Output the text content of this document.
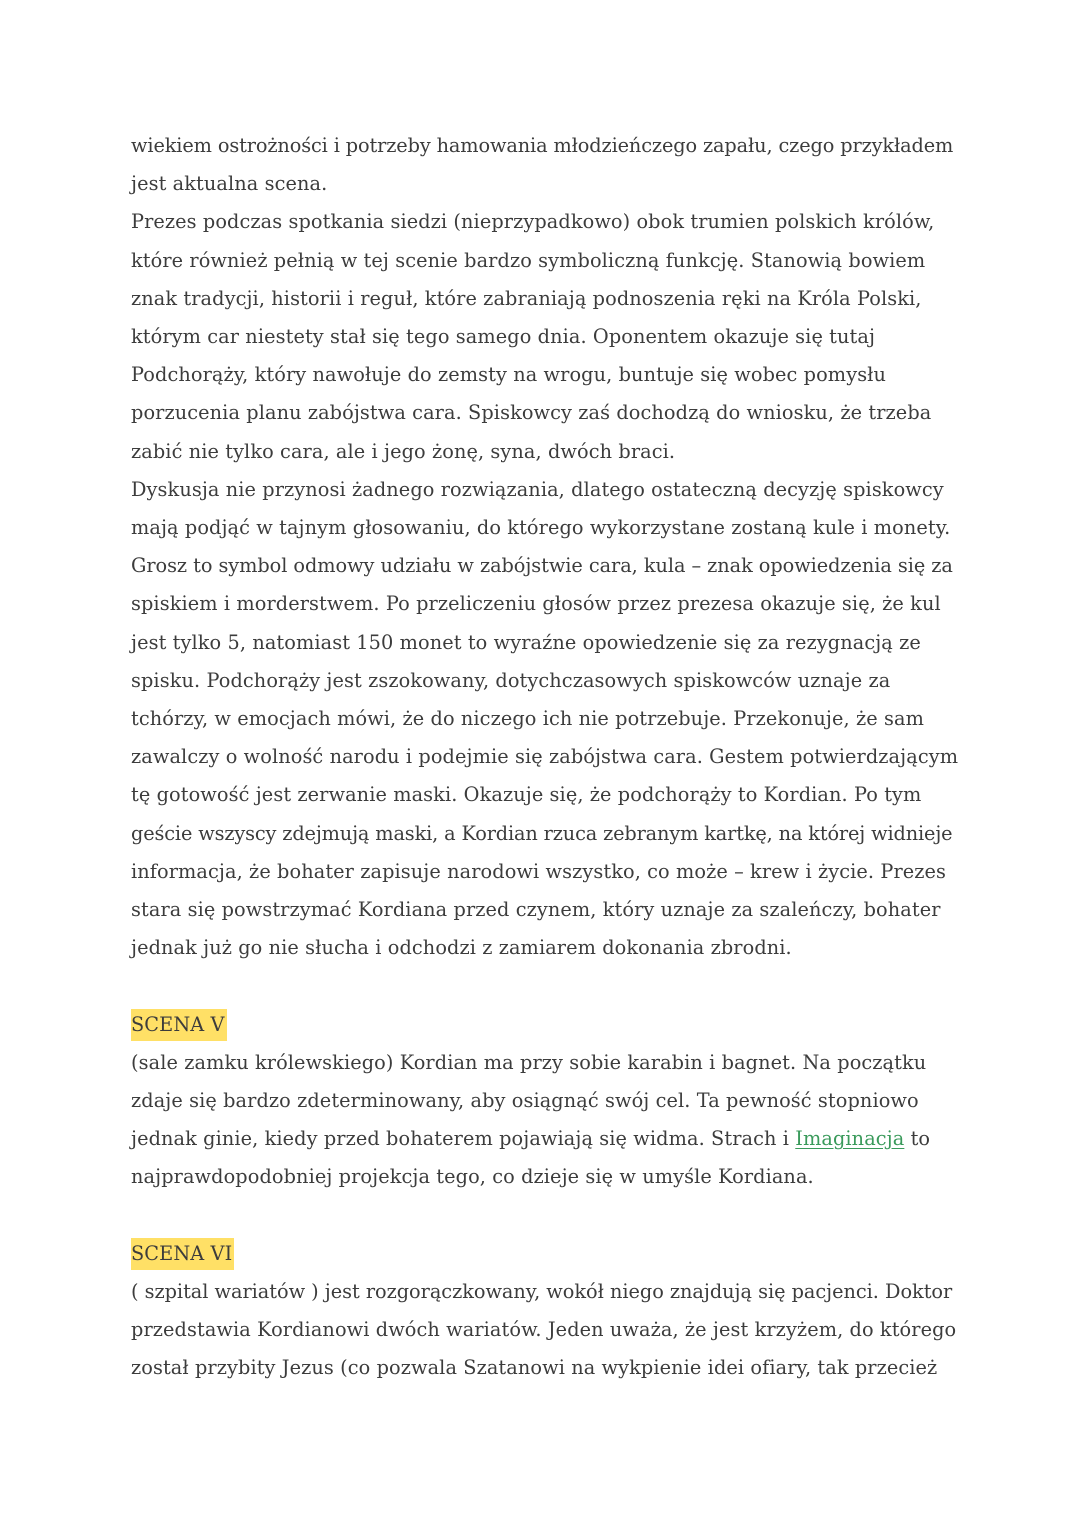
wiekiem ostrożności i potrzeby hamowania młodzieńczego zapału, czego przykładem
jest aktualna scena.
Prezes podczas spotkania siedzi (nieprzypadkowo) obok trumien polskich królów,
które również pełnią w tej scenie bardzo symboliczną funkcję. Stanowią bowiem
znak tradycji, historii i reguł, które zabraniają podnoszenia ręki na Króla Polski,
którym car niestety stał się tego samego dnia. Oponentem okazuje się tutaj
Podchorąży, który nawołuje do zemsty na wrogu, buntuje się wobec pomysłu
porzucenia planu zabójstwa cara. Spiskowcy zaś dochodzą do wniosku, że trzeba
zabić nie tylko cara, ale i jego żonę, syna, dwóch braci.
Dyskusja nie przynosi żadnego rozwiązania, dlatego ostateczną decyzję spiskowcy
mają podjąć w tajnym głosowaniu, do którego wykorzystane zostaną kule i monety.
Grosz to symbol odmowy udziału w zabójstwie cara, kula – znak opowiedzenia się za
spiskiem i morderstwem. Po przeliczeniu głosów przez prezesa okazuje się, że kul
jest tylko 5, natomiast 150 monet to wyraźne opowiedzenie się za rezygnacją ze
spisku. Podchorąży jest zszokowany, dotychczasowych spiskowców uznaje za
tchórzy, w emocjach mówi, że do niczego ich nie potrzebuje. Przekonuje, że sam
zawalczy o wolność narodu i podejmie się zabójstwa cara. Gestem potwierdzającym
tę gotowość jest zerwanie maski. Okazuje się, że podchorąży to Kordian. Po tym
geście wszyscy zdejmują maski, a Kordian rzuca zebranym kartkę, na której widnieje
informacja, że bohater zapisuje narodowi wszystko, co może – krew i życie. Prezes
stara się powstrzymać Kordiana przed czynem, który uznaje za szaleńczy, bohater
jednak już go nie słucha i odchodzi z zamiarem dokonania zbrodni.
SCENA V
(sale zamku królewskiego) Kordian ma przy sobie karabin i bagnet. Na początku
zdaje się bardzo zdeterminowany, aby osiągnąć swój cel. Ta pewność stopniowo
jednak ginie, kiedy przed bohaterem pojawiają się widma. Strach i Imaginacja to
najprawdopodobniej projekcja tego, co dzieje się w umyśle Kordiana.
SCENA VI
( szpital wariatów ) jest rozgorączkowany, wokół niego znajdują się pacjenci. Doktor
przedstawia Kordianowi dwóch wariatów. Jeden uważa, że jest krzyżem, do którego
został przybity Jezus (co pozwala Szatanowi na wykpienie idei ofiary, tak przecież
